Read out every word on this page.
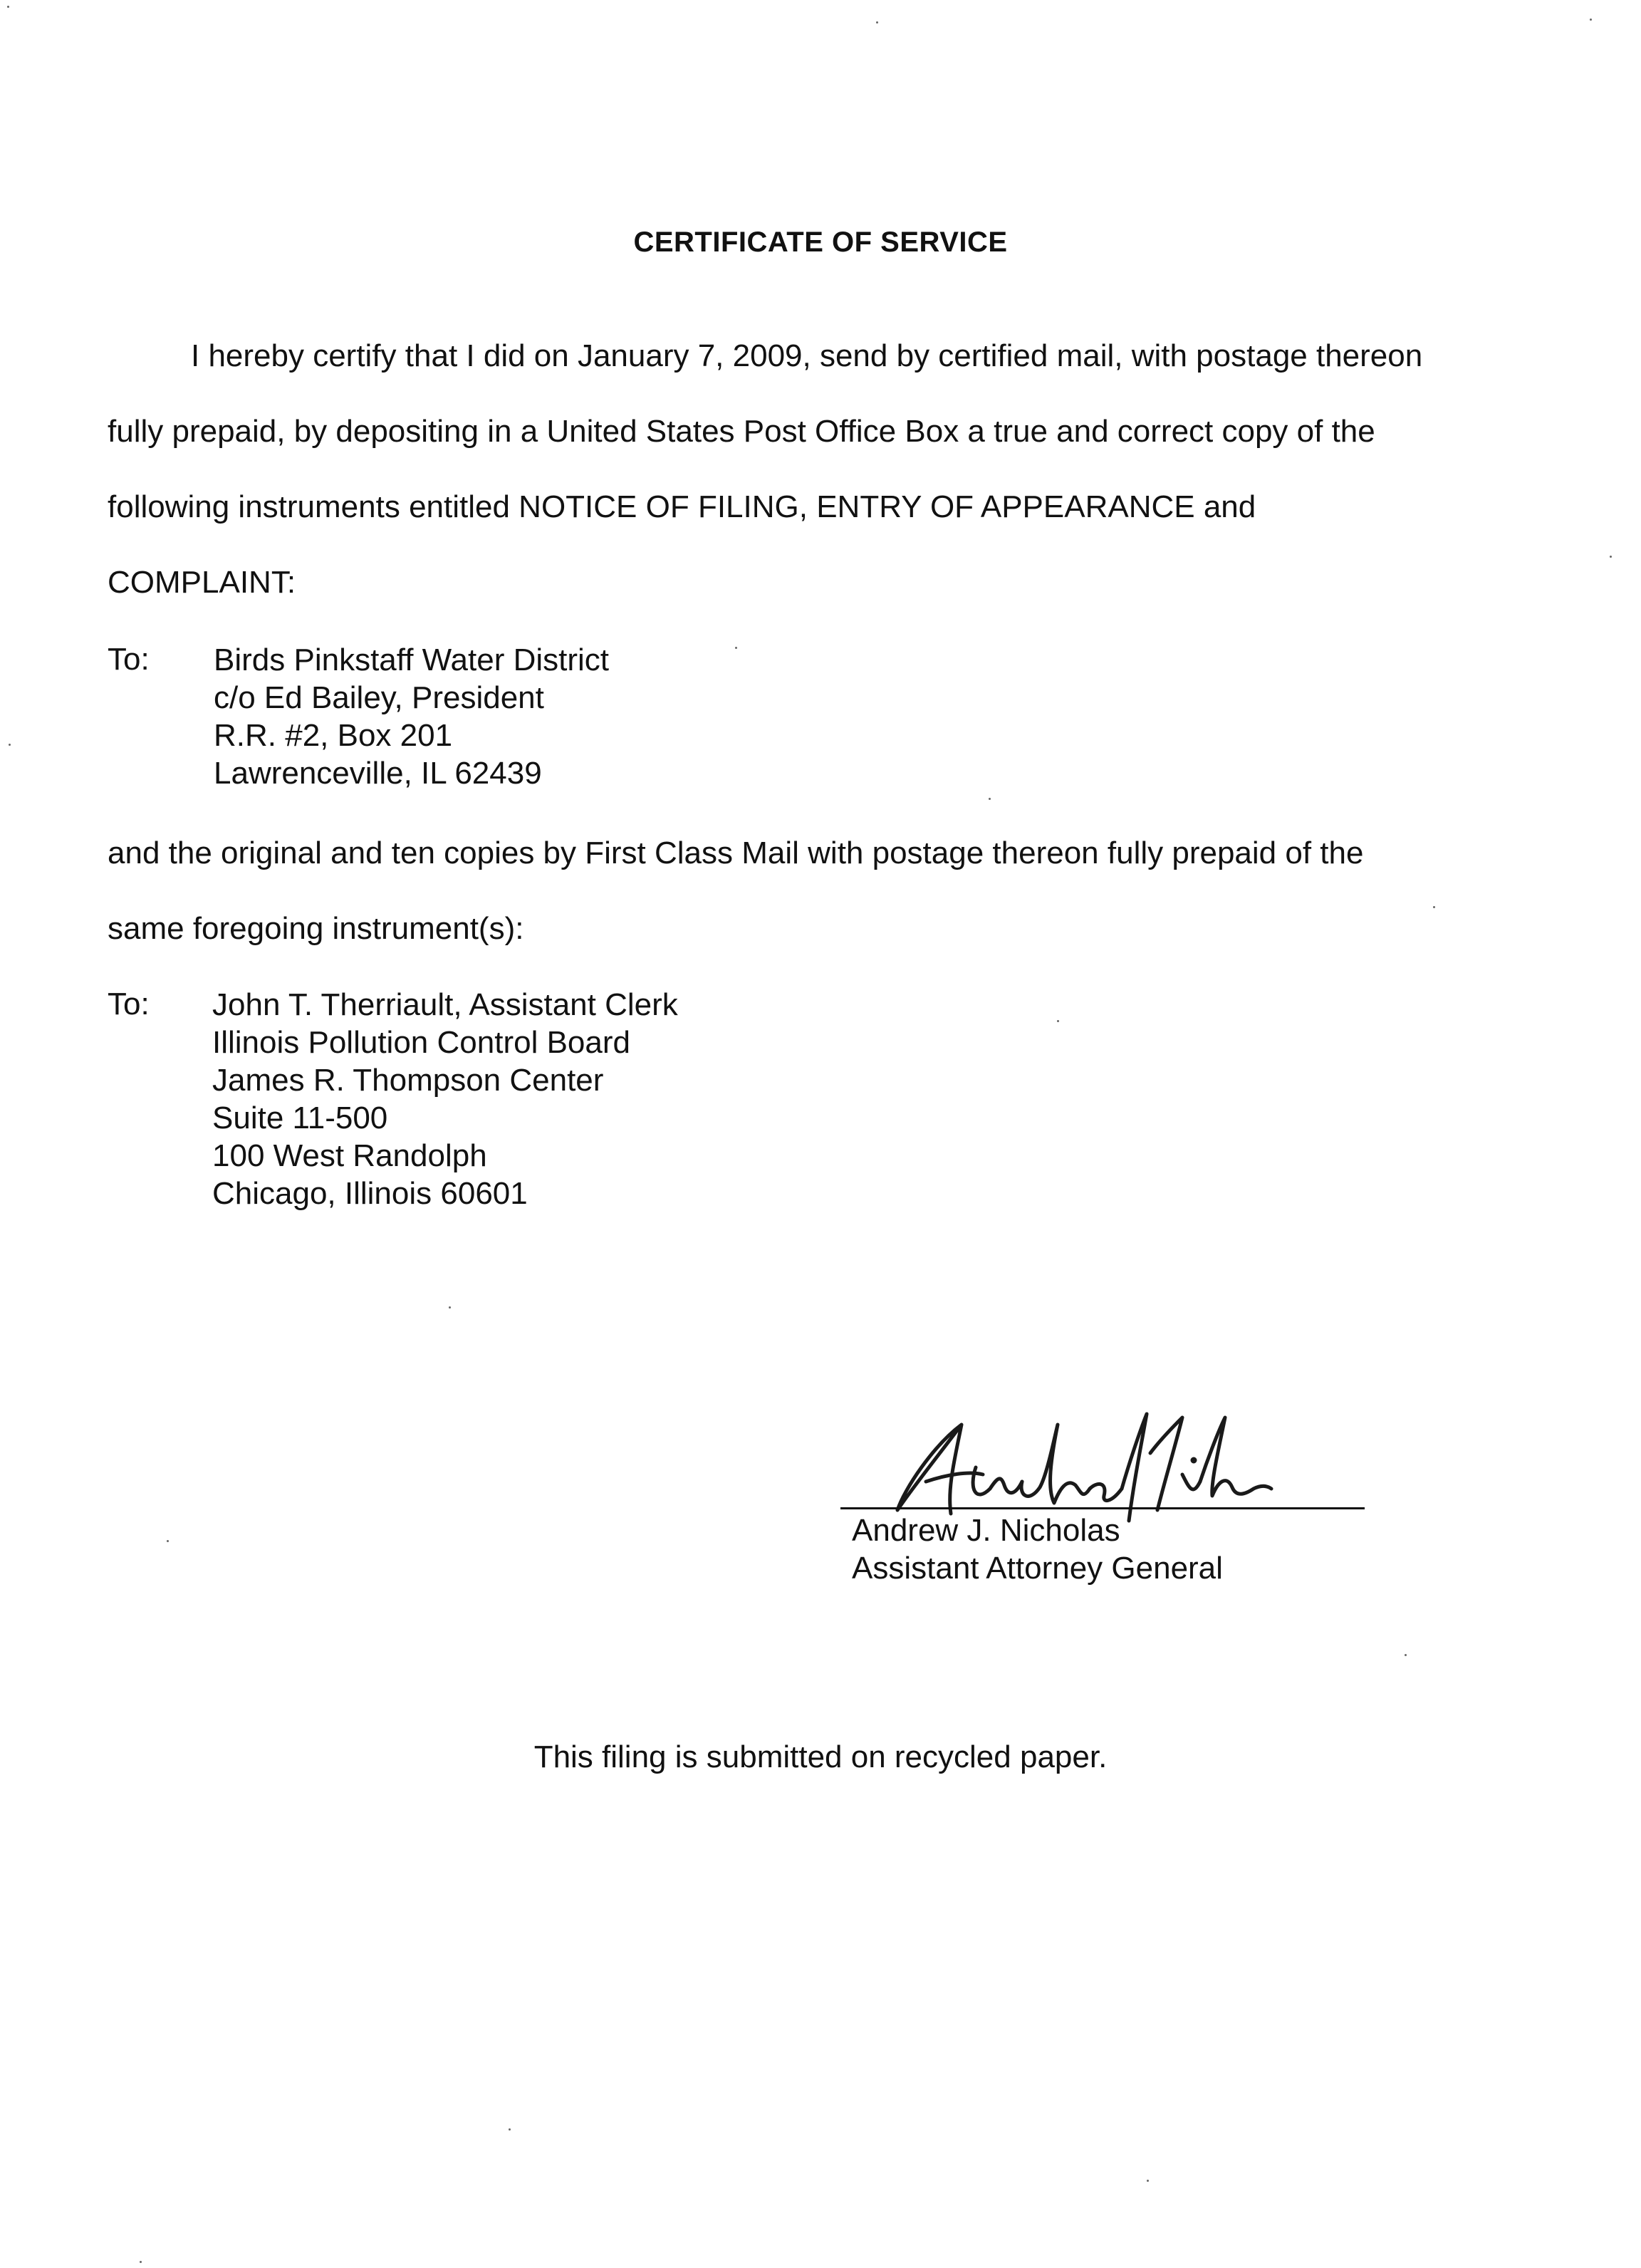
CERTIFICATE OF SERVICE
I hereby certify that I did on January 7, 2009, send by certified mail, with postage thereon
fully prepaid, by depositing in a United States Post Office Box a true and correct copy of the
following instruments entitled NOTICE OF FILING, ENTRY OF APPEARANCE and
COMPLAINT:
To: Birds Pinkstaff Water District
c/o Ed Bailey, President
R.R. #2, Box 201
Lawrenceville, IL 62439
and the original and ten copies by First Class Mail with postage thereon fully prepaid of the
same foregoing instrument(s):
To: John T. Therriault, Assistant Clerk
Illinois Pollution Control Board
James R. Thompson Center
Suite 11-500
100 West Randolph
Chicago, Illinois 60601
Andrew J. Nicholas
Assistant Attorney General
This filing is submitted on recycled paper.
